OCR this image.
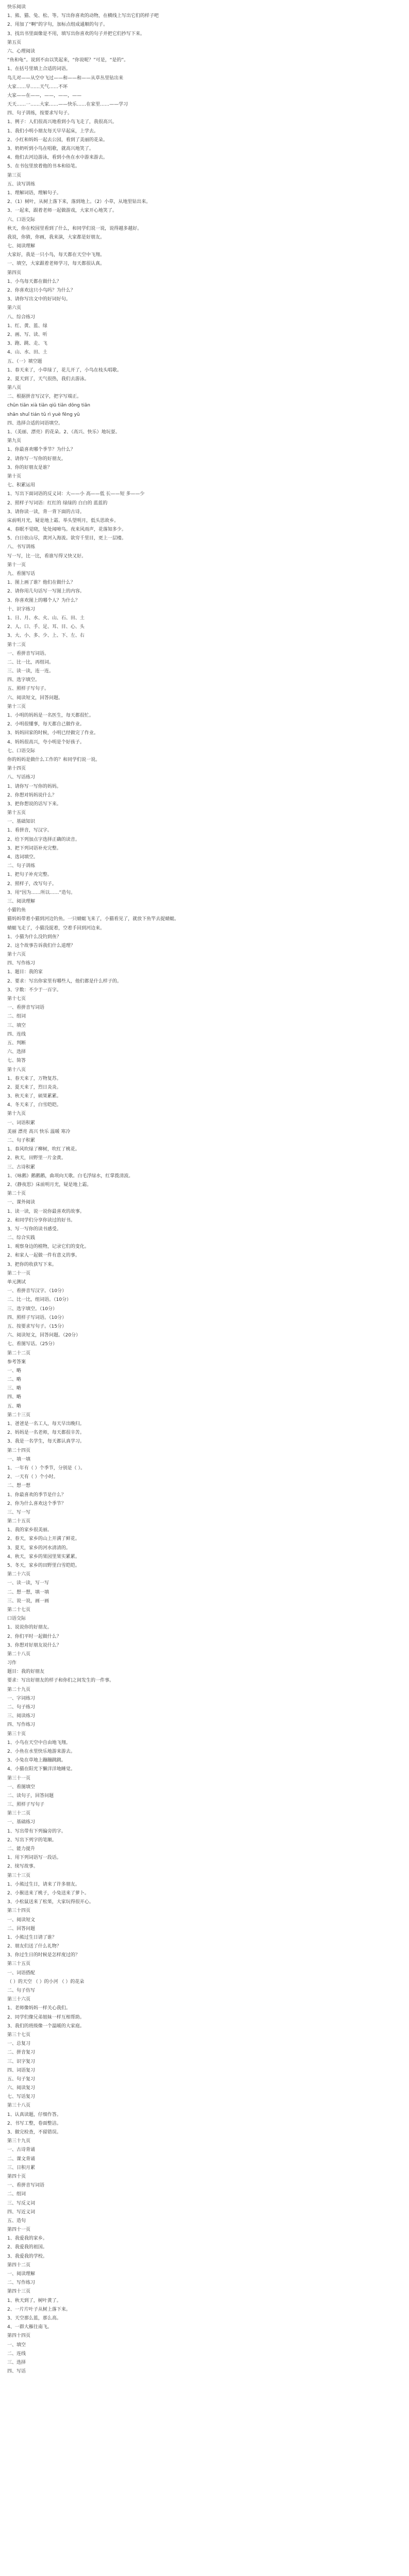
快乐阅读
1、熊、猫、兔、松、等。写出你喜欢的动物，在横线上写出它们的样子吧
2、用加了“啊”的字句，加标点组成通顺的句子。
3、找出书里面像是不用，填写出你喜欢的句子并把它们抄写下来。
第五页
六、心理阅读
“鱼和龟”。说到不由以笑起来，“你说呢？”可是，“是的”。
1、在括号里填上合适的词语。
鸟儿对——从空中飞过——和——和——从草丛里钻出来
大家……早……天气……不坏
大家——在——，——，——，——
天天……一……大家……——快乐……在家里……——学习
四、句子训练，按要求写句子。
1、例子：人们很高兴地看到小鸟飞走了，我很高兴。
1、我们小明小朋友每天早早起床，上学去。
2、小红和妈妈一起去公园，看到了美丽的花朵。
3、奶奶听到小鸟在唱歌，就高兴地笑了。
4、他们去河边游泳，看到小鱼在水中游来游去。
5、在书包里放着他的书本和铅笔。
第三页
五、读写训练
1、理解词语，理解句子。
2、（1）树叶，从树上落下来，落到地上。（2）小草，从地里钻出来。
3、一起来，跟着老师一起做游戏，大家开心地笑了。
六、口语交际
秋天，你在校园里看到了什么，和同学们说一说，说得越多越好。
我说，你猜，你画，我来演，大家都是好朋友。
七、阅读理解
大家好，我是一只小鸟，每天都在天空中飞翔。
一、填空，大家跟着老师学习，每天都很认真。
第四页
1、小鸟每天都在做什么？
2、你喜欢这只小鸟吗？为什么？
3、请你写出文中的好词好句。
第六页
八、综合练习
1、红、黄、蓝、绿
2、画、写、读、听
3、跑、跳、走、飞
4、山、水、田、土
五、（一）填空题
1、春天来了，小草绿了，花儿开了，小鸟在枝头唱歌。
2、夏天到了，天气很热，我们去游泳。
第八页
二、根据拼音写汉字，把字写端正。
chūn tiān xià tiān qiū tiān dōng tiān
shān shuǐ tián tǔ rì yuè fēng yǔ
四、选择合适的词语填空。
1、（美丽、漂亮）的花朵。2、（高兴、快乐）地玩耍。
第九页
1、你最喜欢哪个季节？为什么？
2、请你写一写你的好朋友。
3、你的好朋友是谁？
第十页
七、积累运用
1、写出下面词语的反义词：大——小 高——低 长——短 多——少
2、照样子写词语：红红的 绿绿的 白白的 蓝蓝的
3、请你读一读，背一背下面的古诗。
床前明月光，疑是地上霜。举头望明月，低头思故乡。
4、春眠不觉晓，处处闻啼鸟。夜来风雨声，花落知多少。
5、白日依山尽，黄河入海流。欲穷千里目，更上一层楼。
八、书写训练
写一写，比一比，看谁写得又快又好。
第十一页
九、看图写话
1、图上画了谁？他们在做什么？
2、请你用几句话写一写图上的内容。
3、你喜欢图上的哪个人？为什么？
十、识字练习
1、日、月、水、火、山、石、田、土
2、人、口、手、足、耳、目、心、头
3、大、小、多、少、上、下、左、右
第十二页
一、看拼音写词语。
二、比一比，再组词。
三、读一读，连一连。
四、选字填空。
五、照样子写句子。
六、阅读短文，回答问题。
第十三页
1、小明的妈妈是一名医生，每天都很忙。
2、小明很懂事，每天都自己做作业。
3、妈妈回家的时候，小明已经做完了作业。
4、妈妈很高兴，夸小明是个好孩子。
七、口语交际
你的妈妈是做什么工作的？和同学们说一说。
第十四页
八、写话练习
1、请你写一写你的妈妈。
2、你想对妈妈说什么？
3、把你想说的话写下来。
第十五页
一、基础知识
1、看拼音，写汉字。
2、给下列加点字选择正确的读音。
3、把下列词语补充完整。
4、选词填空。
二、句子训练
1、把句子补充完整。
2、照样子，改写句子。
3、用“因为……所以……”造句。
三、阅读理解
小猫钓鱼
猫妈妈带着小猫到河边钓鱼。一只蜻蜓飞来了，小猫看见了，就放下鱼竿去捉蜻蜓。
蜻蜓飞走了，小猫没捉着，空着手回到河边来。
1、小猫为什么没钓到鱼？
2、这个故事告诉我们什么道理？
第十六页
四、写作练习
1、题目：我的家
2、要求：写出你家里有哪些人，他们都是什么样子的。
3、字数：不少于一百字。
第十七页
一、看拼音写词语
二、组词
三、填空
四、连线
五、判断
六、选择
七、简答
第十八页
1、春天来了，万物复苏。
2、夏天来了，烈日炎炎。
3、秋天来了，硕果累累。
4、冬天来了，白雪皑皑。
第十九页
一、词语积累
美丽 漂亮 高兴 快乐 温暖 寒冷
二、句子积累
1、春风吹绿了柳树，吹红了桃花。
2、秋天，田野里一片金黄。
三、古诗积累
1、《咏鹅》鹅鹅鹅，曲项向天歌。白毛浮绿水，红掌拨清波。
2、《静夜思》床前明月光，疑是地上霜。
第二十页
一、课外阅读
1、读一读，说一说你最喜欢的故事。
2、和同学们分享你读过的好书。
3、写一写你的读书感受。
二、综合实践
1、观察身边的植物，记录它们的变化。
2、和家人一起做一件有意义的事。
3、把你的收获写下来。
第二十一页
单元测试
一、看拼音写汉字。（10分）
二、比一比，组词语。（10分）
三、选字填空。（10分）
四、照样子写词语。（10分）
五、按要求写句子。（15分）
六、阅读短文，回答问题。（20分）
七、看图写话。（25分）
第二十二页
参考答案
一、略
二、略
三、略
四、略
五、略
第二十三页
1、爸爸是一名工人，每天早出晚归。
2、妈妈是一名老师，每天都很辛苦。
3、我是一名学生，每天都认真学习。
第二十四页
一、填一填
1、一年有（ ）个季节，分别是（ ）。
2、一天有（ ）个小时。
二、想一想
1、你最喜欢的季节是什么？
2、你为什么喜欢这个季节？
三、写一写
第二十五页
1、我的家乡很美丽。
2、春天，家乡的山上开满了鲜花。
3、夏天，家乡的河水清清的。
4、秋天，家乡的果园里果实累累。
5、冬天，家乡的田野里白雪皑皑。
第二十六页
一、读一读，写一写
二、想一想，填一填
三、说一说，画一画
第二十七页
口语交际
1、说说你的好朋友。
2、你们平时一起做什么？
3、你想对好朋友说什么？
第二十八页
习作
题目：我的好朋友
要求：写出好朋友的样子和你们之间发生的一件事。
第二十九页
一、字词练习
二、句子练习
三、阅读练习
四、写作练习
第三十页
1、小鸟在天空中自由地飞翔。
2、小鱼在水里快乐地游来游去。
3、小兔在草地上蹦蹦跳跳。
4、小猫在阳光下懒洋洋地睡觉。
第三十一页
一、看图填空
二、读句子，回答问题
三、照样子写句子
第三十二页
一、基础练习
1、写出带有下列偏旁的字。
2、写出下列字的笔顺。
二、能力提升
1、用下列词语写一段话。
2、续写故事。
第三十三页
1、小熊过生日，请来了许多朋友。
2、小猴送来了桃子，小兔送来了萝卜。
3、小松鼠送来了松果，大家玩得很开心。
第三十四页
一、阅读短文
二、回答问题
1、小熊过生日请了谁？
2、朋友们送了什么礼物？
3、你过生日的时候是怎样度过的？
第三十五页
一、词语搭配
（ ）的天空 （ ）的小河 （ ）的花朵
二、句子仿写
第三十六页
1、老师像妈妈一样关心我们。
2、同学们像兄弟姐妹一样互相帮助。
3、我们的班级像一个温暖的大家庭。
第三十七页
一、总复习
二、拼音复习
三、识字复习
四、词语复习
五、句子复习
六、阅读复习
七、写话复习
第三十八页
1、认真读题，仔细作答。
2、书写工整，卷面整洁。
3、做完检查，不留错误。
第三十九页
一、古诗背诵
二、课文背诵
三、日积月累
第四十页
一、看拼音写词语
二、组词
三、写反义词
四、写近义词
五、造句
第四十一页
1、我爱我的家乡。
2、我爱我的祖国。
3、我爱我的学校。
第四十二页
一、阅读理解
二、写作练习
第四十三页
1、秋天到了，树叶黄了。
2、一片片叶子从树上落下来。
3、天空那么蓝，那么高。
4、一群大雁往南飞。
第四十四页
一、填空
二、连线
三、选择
四、写话
